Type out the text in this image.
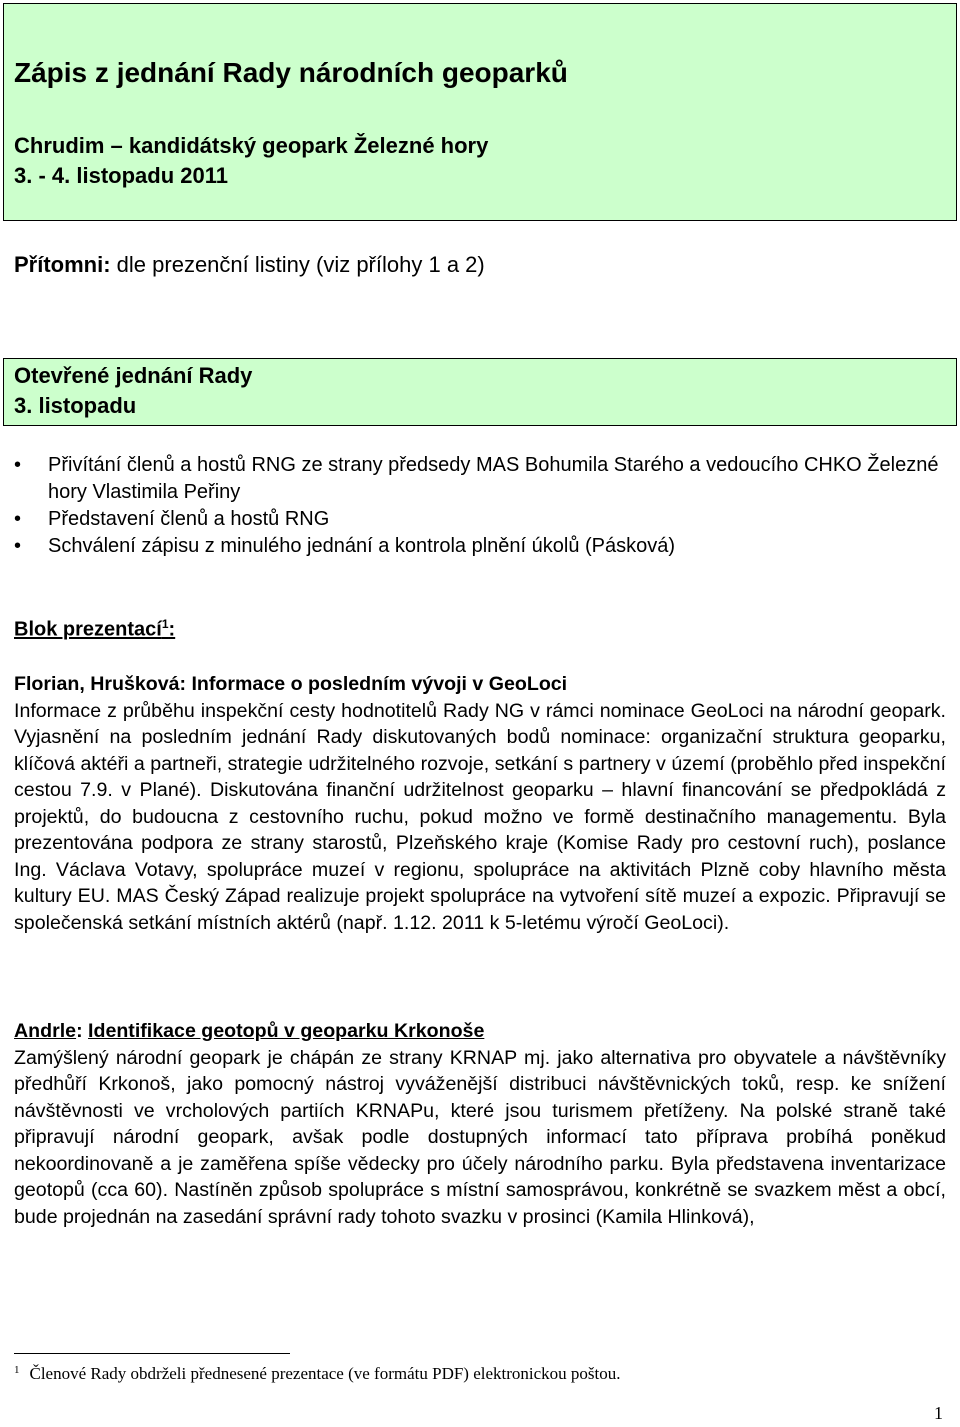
Zápis z jednání Rady národních geoparků
Chrudim – kandidátský geopark Železné hory
3. - 4. listopadu 2011
Přítomni: dle prezenční listiny (viz přílohy 1 a 2)
Otevřené jednání Rady
3. listopadu
• Přivítání členů a hostů RNG ze strany předsedy MAS Bohumila Starého a vedoucího CHKO Železné hory Vlastimila Peřiny
• Představení členů a hostů RNG
• Schválení zápisu z minulého jednání a kontrola plnění úkolů (Pásková)
Blok prezentací$^1$:
Florian, Hrušková: Informace o posledním vývoji v GeoLoci
Informace z průběhu inspekční cesty hodnotitelů Rady NG v rámci nominace GeoLoci na národní geopark. Vyjasnění na posledním jednání Rady diskutovaných bodů nominace: organizační struktura geoparku, klíčová aktéři a partneři, strategie udržitelného rozvoje, setkání s partnery v území (proběhlo před inspekční cestou 7.9. v Plané). Diskutována finanční udržitelnost geoparku – hlavní financování se předpokládá z projektů, do budoucna z cestovního ruchu, pokud možno ve formě destinačního managementu. Byla prezentována podpora ze strany starostů, Plzeňského kraje (Komise Rady pro cestovní ruch), poslance Ing. Václava Votavy, spolupráce muzeí v regionu, spolupráce na aktivitách Plzně coby hlavního města kultury EU. MAS Český Západ realizuje projekt spolupráce na vytvoření sítě muzeí a expozic. Připravují se společenská setkání místních aktérů (např. 1.12. 2011 k 5-letému výročí GeoLoci).
Andrle: Identifikace geotopů v geoparku Krkonoše
Zamýšlený národní geopark je chápán ze strany KRNAP mj. jako alternativa pro obyvatele a návštěvníky předhůří Krkonoš, jako pomocný nástroj vyváženější distribuci návštěvnických toků, resp. ke snížení návštěvnosti ve vrcholových partiích KRNAPu, které jsou turismem přetíženy. Na polské straně také připravují národní geopark, avšak podle dostupných informací tato příprava probíhá poněkud nekoordinovaně a je zaměřena spíše vědecky pro účely národního parku. Byla představena inventarizace geotopů (cca 60). Nastíněn způsob spolupráce s místní samosprávou, konkrétně se svazkem měst a obcí, bude projednán na zasedání správní rady tohoto svazku v prosinci (Kamila Hlinková),
$^1$ Členové Rady obdrželi přednesené prezentace (ve formátu PDF) elektronickou poštou.
1
